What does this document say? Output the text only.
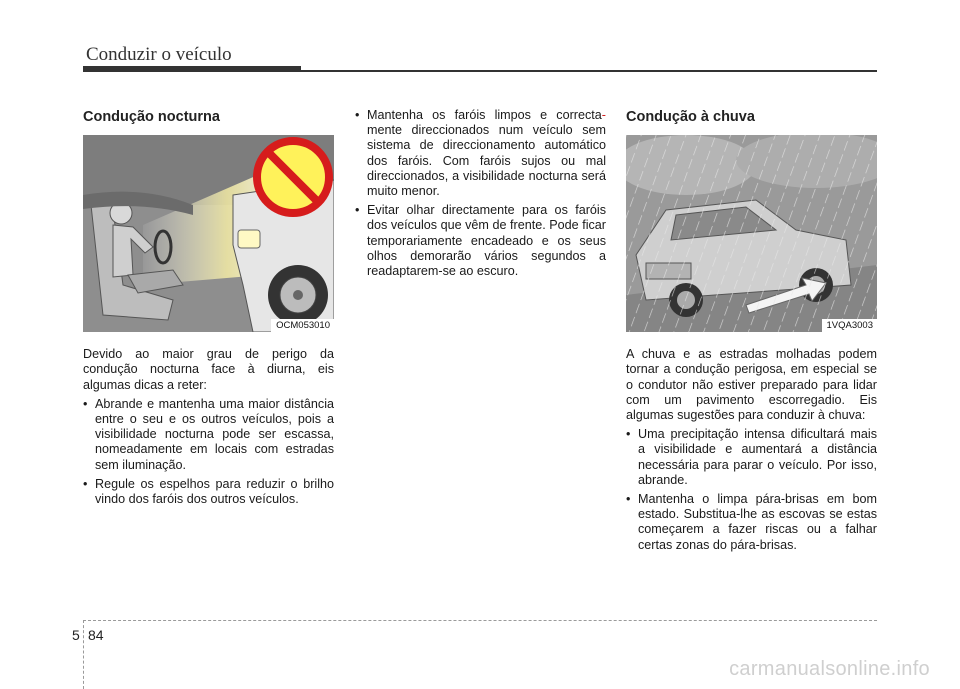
Conduzir o veículo
Condução nocturna
OCM053010

Devido ao maior grau de perigo da condução nocturna face à diurna, eis algumas dicas a reter:

• Abrande e mantenha uma maior distância entre o seu e os outros veículos, pois a visibilidade nocturna pode ser escassa, nomeadamente em locais com estradas sem iluminação.
• Regule os espelhos para reduzir o brilho vindo dos faróis dos outros veículos.
• Mantenha os faróis limpos e correcta-mente direccionados num veículo sem sistema de direccionamento automático dos faróis. Com faróis sujos ou mal direccionados, a visibilidade nocturna será muito menor.
• Evitar olhar directamente para os faróis dos veículos que vêm de frente. Pode ficar temporariamente encadeado e os seus olhos demorarão vários segundos a readaptarem-se ao escuro.
Condução à chuva
1VQA3003

A chuva e as estradas molhadas podem tornar a condução perigosa, em especial se o condutor não estiver preparado para lidar com um pavimento escorregadio. Eis algumas sugestões para conduzir à chuva:

• Uma precipitação intensa dificultará mais a visibilidade e aumentará a distância necessária para parar o veículo. Por isso, abrande.
• Mantenha o limpa pára-brisas em bom estado. Substitua-lhe as escovas se estas começarem a fazer riscas ou a falhar certas zonas do pára-brisas.
5 84
carmanualsonline.info
